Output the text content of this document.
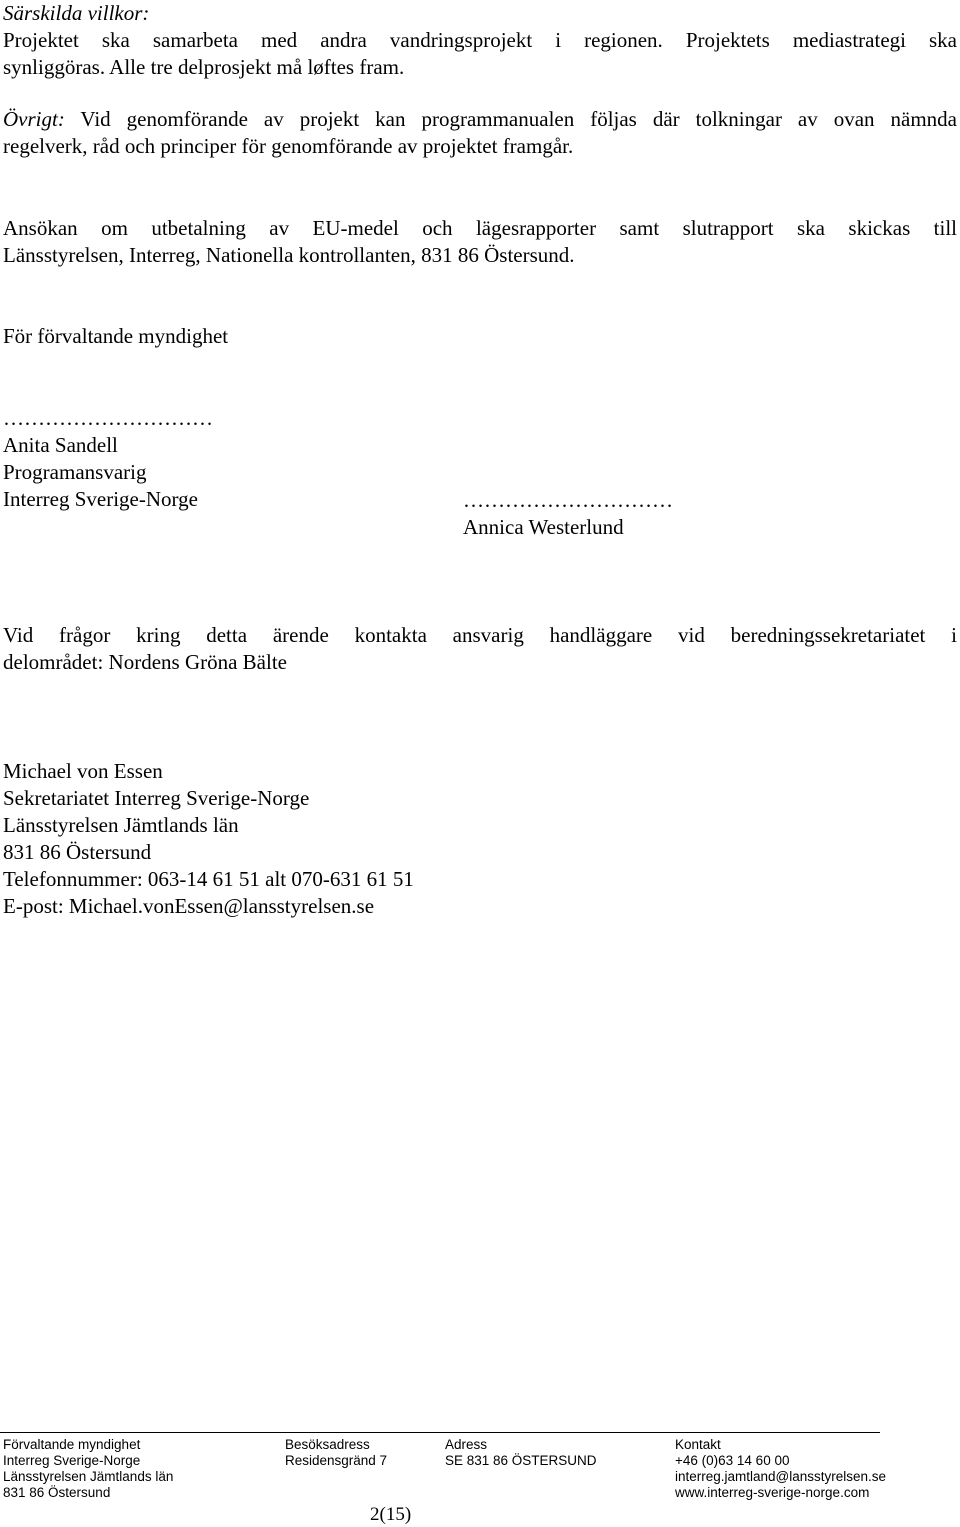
Särskilda villkor:
Projektet ska samarbeta med andra vandringsprojekt i regionen. Projektets mediastrategi ska
synliggöras. Alle tre delprosjekt må løftes fram.
Övrigt: Vid genomförande av projekt kan programmanualen följas där tolkningar av ovan nämnda
regelverk, råd och principer för genomförande av projektet framgår.
Ansökan om utbetalning av EU-medel och lägesrapporter samt slutrapport ska skickas till
Länsstyrelsen, Interreg, Nationella kontrollanten, 831 86 Östersund.
För förvaltande myndighet
…………………………
Anita Sandell
Programansvarig
Interreg Sverige-Norge	…………………………
Annica Westerlund
Vid frågor kring detta ärende kontakta ansvarig handläggare vid beredningssekretariatet i
delområdet: Nordens Gröna Bälte
Michael von Essen
Sekretariatet Interreg Sverige-Norge
Länsstyrelsen Jämtlands län
831 86 Östersund
Telefonnummer: 063-14 61 51 alt 070-631 61 51
E-post: Michael.vonEssen@lansstyrelsen.se
Förvaltande myndighet
Interreg Sverige-Norge
Länsstyrelsen Jämtlands län
831 86 Östersund
Besöksadress
Residensgränd 7
Adress
SE 831 86 ÖSTERSUND
Kontakt
+46 (0)63 14 60 00
interreg.jamtland@lansstyrelsen.se
www.interreg-sverige-norge.com
2(15)
